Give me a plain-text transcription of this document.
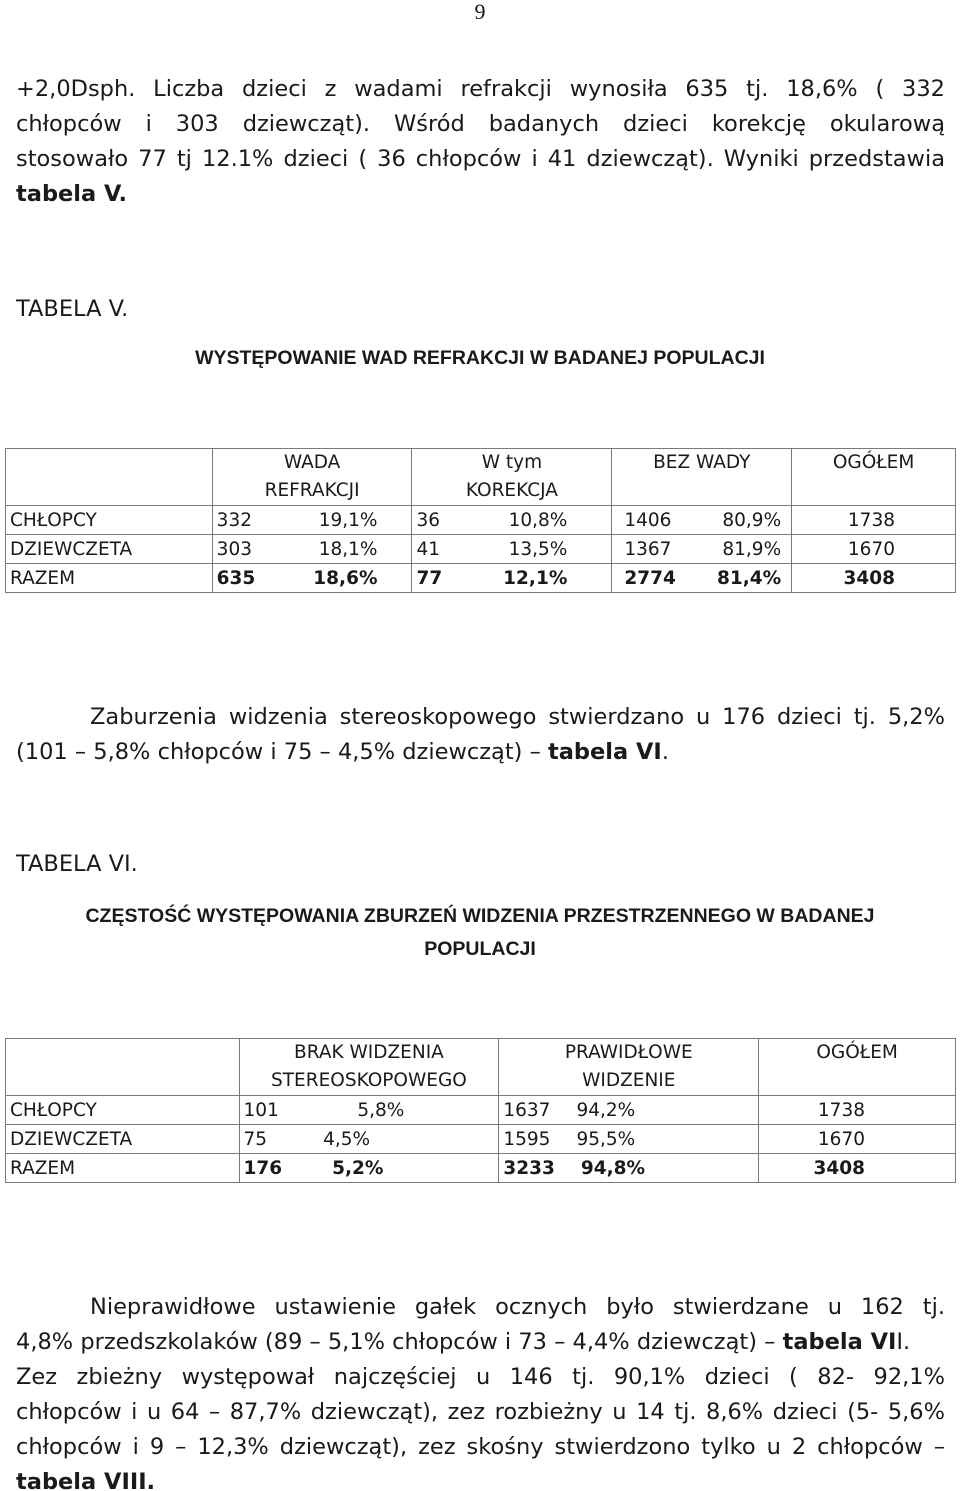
9
+2,0Dsph. Liczba dzieci z wadami refrakcji wynosiła 635 tj. 18,6% ( 332
chłopców i 303 dziewcząt). Wśród badanych dzieci korekcję okularową
stosowało 77 tj 12.1% dzieci ( 36 chłopców i 41 dziewcząt). Wyniki przedstawia
tabela V.
TABELA V.
WYSTĘPOWANIE WAD REFRAKCJI W BADANEJ POPULACJI
	WADA REFRAKCJI	W tym KOREKCJA	BEZ WADY	OGÓŁEM
CHŁOPCY	332 19,1%	36 10,8%	1406 80,9%	1738
DZIEWCZETA	303 18,1%	41 13,5%	1367 81,9%	1670
RAZEM	635 18,6%	77 12,1%	2774 81,4%	3408
Zaburzenia widzenia stereoskopowego stwierdzano u 176 dzieci tj. 5,2%
(101 – 5,8% chłopców i 75 – 4,5% dziewcząt) – tabela VI.
TABELA VI.
CZĘSTOŚĆ WYSTĘPOWANIA ZBURZEŃ WIDZENIA PRZESTRZENNEGO W BADANEJ
POPULACJI
	BRAK WIDZENIA STEREOSKOPOWEGO	PRAWIDŁOWE WIDZENIE	OGÓŁEM
CHŁOPCY	101 5,8%	1637 94,2%	1738
DZIEWCZETA	75 4,5%	1595 95,5%	1670
RAZEM	176 5,2%	3233 94,8%	3408
Nieprawidłowe ustawienie gałek ocznych było stwierdzane u 162 tj.
4,8% przedszkolaków (89 – 5,1% chłopców i 73 – 4,4% dziewcząt) – tabela VII.
Zez zbieżny występował najczęściej u 146 tj. 90,1% dzieci ( 82- 92,1%
chłopców i u 64 – 87,7% dziewcząt), zez rozbieżny u 14 tj. 8,6% dzieci (5- 5,6%
chłopców i 9 – 12,3% dziewcząt), zez skośny stwierdzono tylko u 2 chłopców –
tabela VIII.
